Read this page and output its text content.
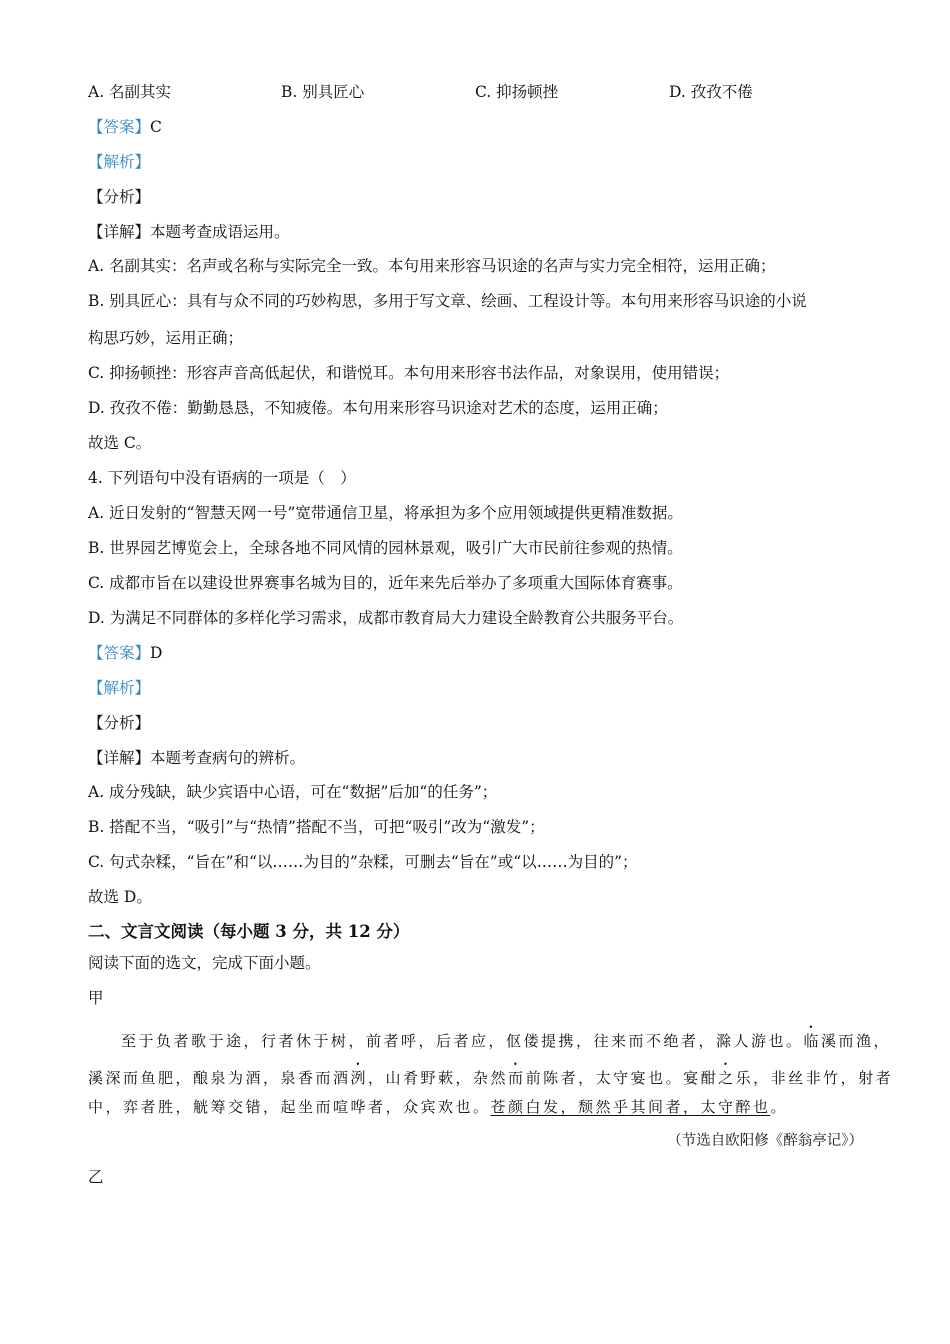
A. 名副其实	B. 别具匠心	C. 抑扬顿挫	D. 孜孜不倦
【答案】C
【解析】
【分析】
【详解】本题考查成语运用。
A. 名副其实：名声或名称与实际完全一致。本句用来形容马识途的名声与实力完全相符，运用正确；
B. 别具匠心：具有与众不同的巧妙构思，多用于写文章、绘画、工程设计等。本句用来形容马识途的小说
构思巧妙，运用正确；
C. 抑扬顿挫：形容声音高低起伏，和谐悦耳。本句用来形容书法作品，对象误用，使用错误；
D. 孜孜不倦：勤勤恳恳，不知疲倦。本句用来形容马识途对艺术的态度，运用正确；
故选 C。
4. 下列语句中没有语病的一项是（　）
A. 近日发射的“智慧天网一号”宽带通信卫星，将承担为多个应用领域提供更精准数据。
B. 世界园艺博览会上，全球各地不同风情的园林景观，吸引广大市民前往参观的热情。
C. 成都市旨在以建设世界赛事名城为目的，近年来先后举办了多项重大国际体育赛事。
D. 为满足不同群体的多样化学习需求，成都市教育局大力建设全龄教育公共服务平台。
【答案】D
【解析】
【分析】
【详解】本题考查病句的辨析。
A. 成分残缺，缺少宾语中心语，可在“数据”后加“的任务”；
B. 搭配不当，“吸引”与“热情”搭配不当，可把“吸引”改为“激发”；
C. 句式杂糅，“旨在”和“以……为目的”杂糅，可删去“旨在”或“以……为目的”；
故选 D。
二、文言文阅读（每小题 3 分，共 12 分）
阅读下面的选文，完成下面小题。
甲
至于负者歌于途，行者休于树，前者呼，后者应，伛偻提携，往来而不绝者，滁人游也。临溪而渔，
溪深而鱼肥，酿泉为酒，泉香而酒洌，山肴野蔌，杂然而前陈者，太守宴也。宴酣之乐，非丝非竹，射者
中，弈者胜，觥筹交错，起坐而喧哗者，众宾欢也。苍颜白发，颓然乎其间者，太守醉也。
（节选自欧阳修《醉翁亭记》）
乙
